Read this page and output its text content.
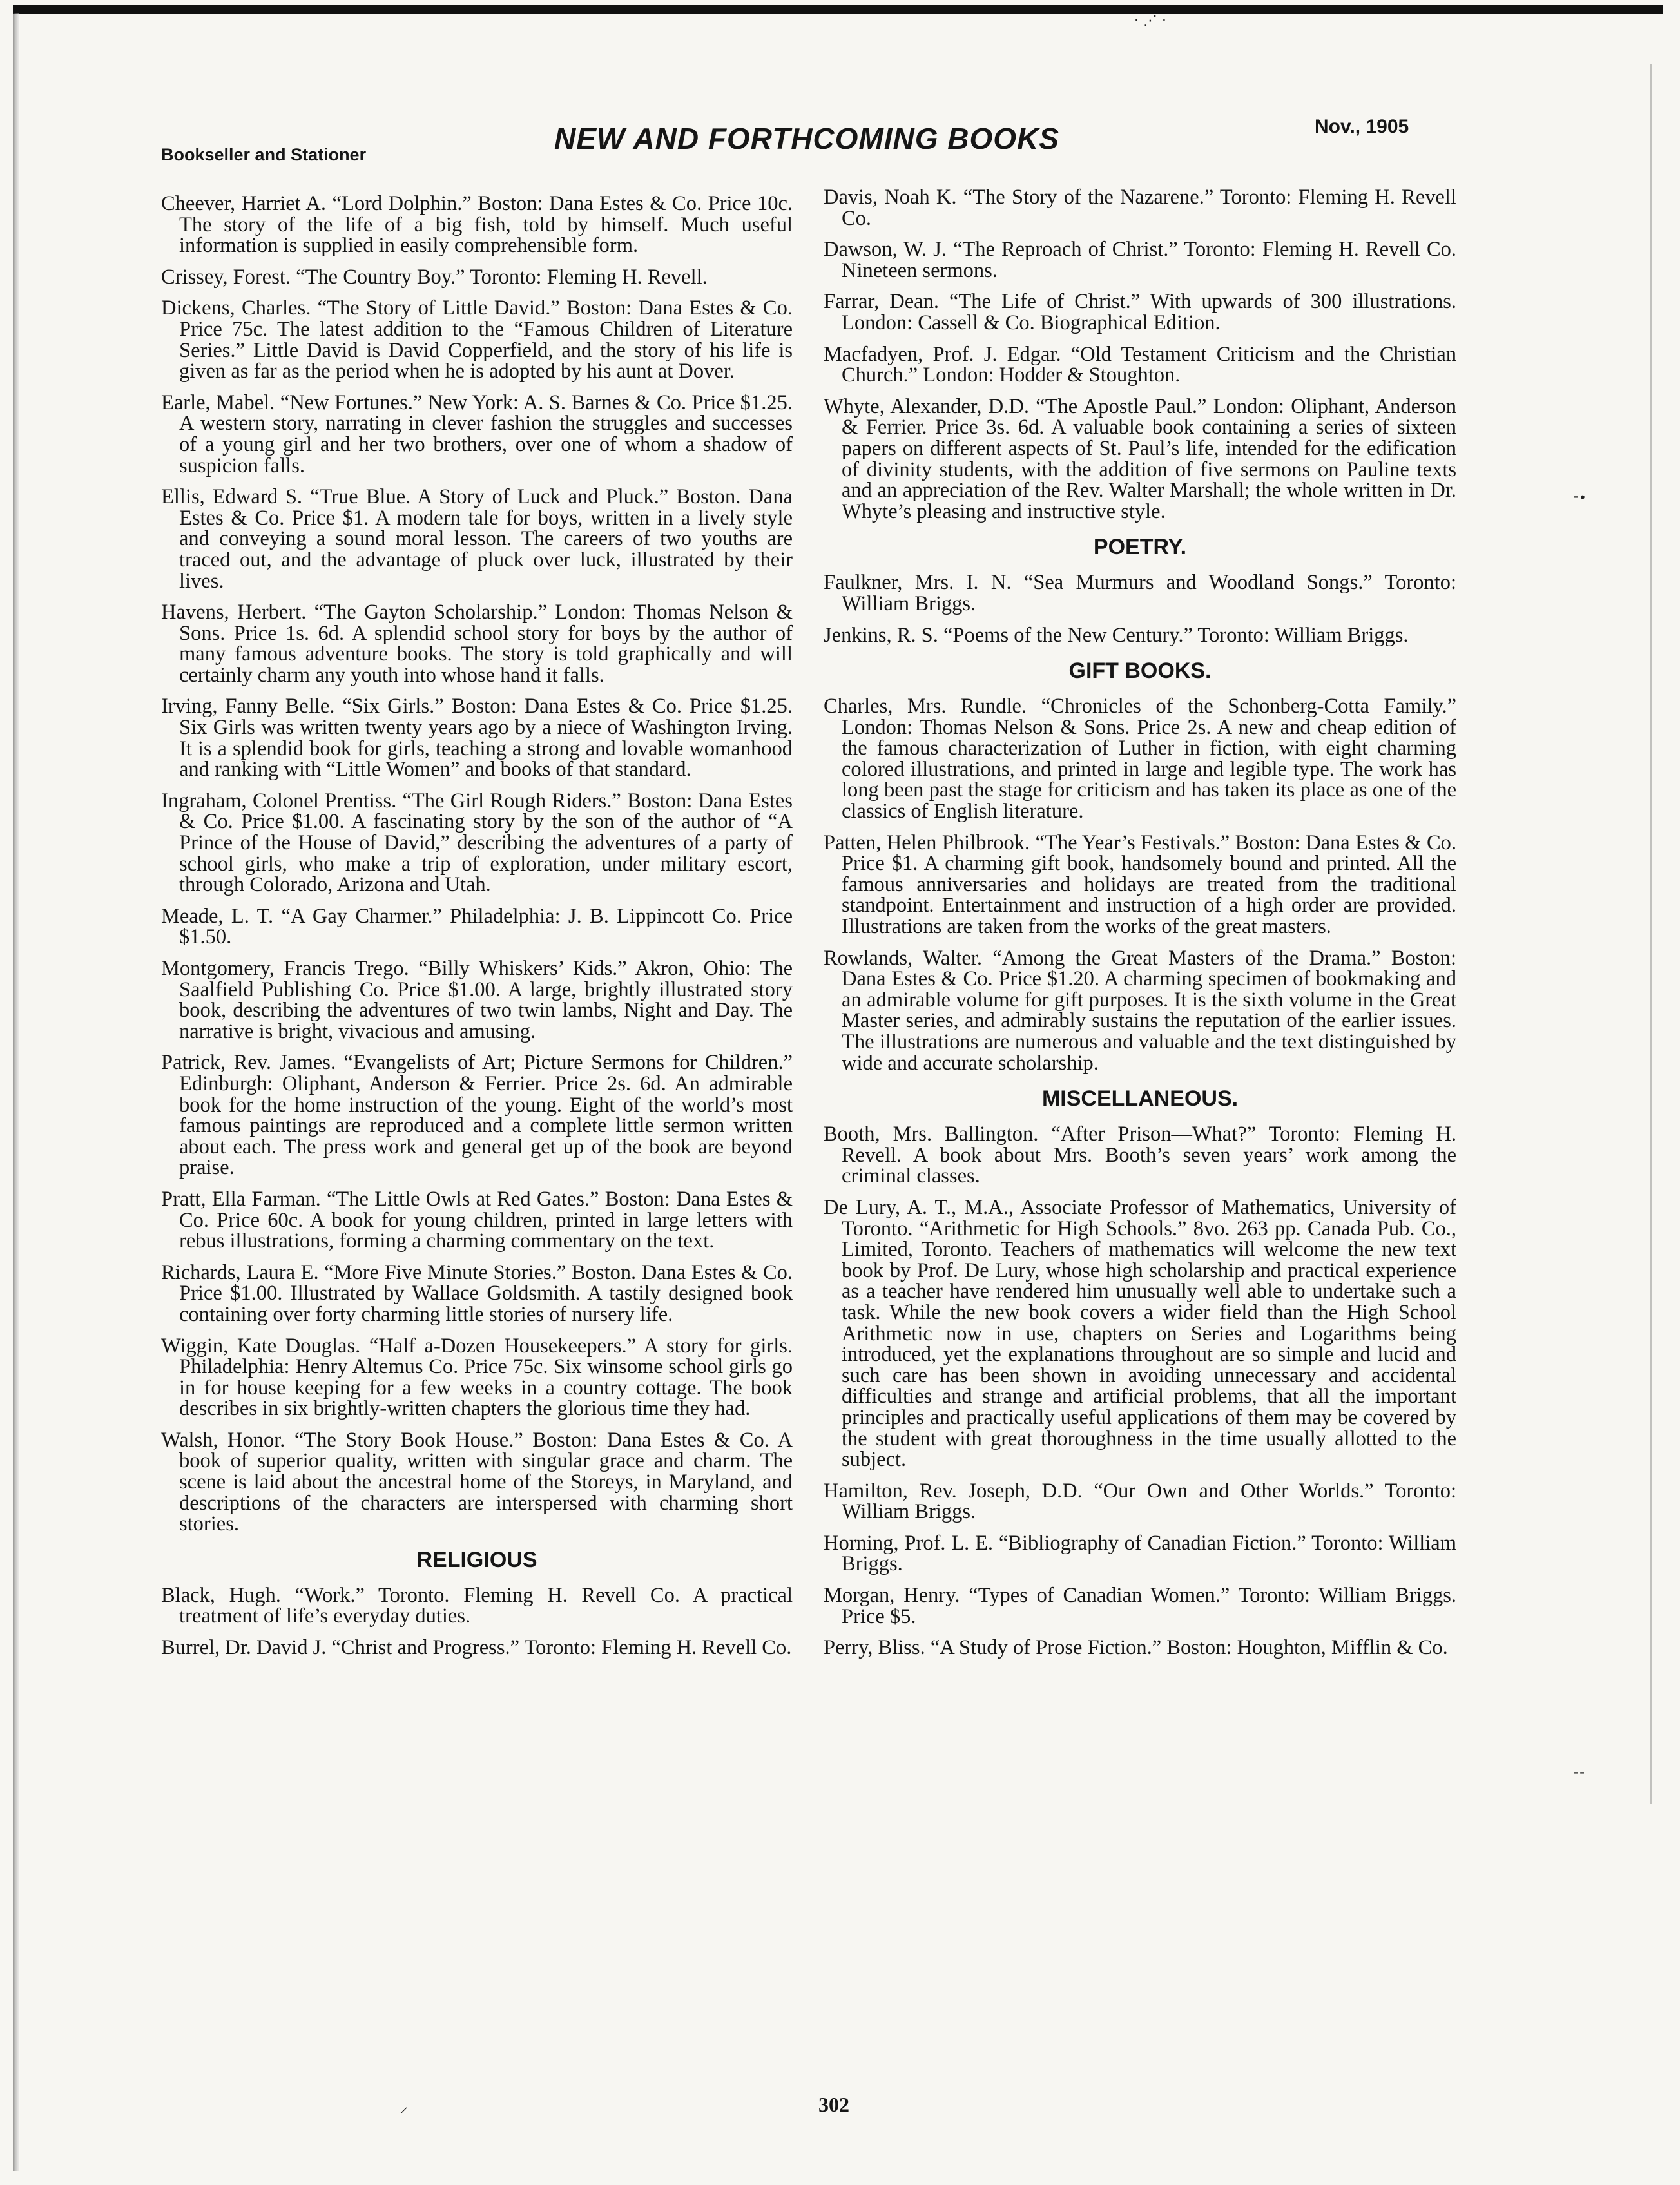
Bookseller and Stationer	NEW AND FORTHCOMING BOOKS	Nov., 1905
Cheever, Harriet A. “Lord Dolphin.” Boston: Dana Estes & Co. Price 10c. The story of the life of a big fish, told by himself. Much useful information is supplied in easily comprehensible form.
Crissey, Forest. “The Country Boy.” Toronto: Fleming H. Revell.
Dickens, Charles. “The Story of Little David.” Boston: Dana Estes & Co. Price 75c. The latest addition to the “Famous Children of Literature Series.” Little David is David Copperfield, and the story of his life is given as far as the period when he is adopted by his aunt at Dover.
Earle, Mabel. “New Fortunes.” New York: A. S. Barnes & Co. Price $1.25. A western story, narrating in clever fashion the struggles and successes of a young girl and her two brothers, over one of whom a shadow of suspicion falls.
Ellis, Edward S. “True Blue. A Story of Luck and Pluck.” Boston. Dana Estes & Co. Price $1. A modern tale for boys, written in a lively style and conveying a sound moral lesson. The careers of two youths are traced out, and the advantage of pluck over luck, illustrated by their lives.
Havens, Herbert. “The Gayton Scholarship.” London: Thomas Nelson & Sons. Price 1s. 6d. A splendid school story for boys by the author of many famous adventure books. The story is told graphically and will certainly charm any youth into whose hand it falls.
Irving, Fanny Belle. “Six Girls.” Boston: Dana Estes & Co. Price $1.25. Six Girls was written twenty years ago by a niece of Washington Irving. It is a splendid book for girls, teaching a strong and lovable womanhood and ranking with “Little Women” and books of that standard.
Ingraham, Colonel Prentiss. “The Girl Rough Riders.” Boston: Dana Estes & Co. Price $1.00. A fascinating story by the son of the author of “A Prince of the House of David,” describing the adventures of a party of school girls, who make a trip of exploration, under military escort, through Colorado, Arizona and Utah.
Meade, L. T. “A Gay Charmer.” Philadelphia: J. B. Lippincott Co. Price $1.50.
Montgomery, Francis Trego. “Billy Whiskers’ Kids.” Akron, Ohio: The Saalfield Publishing Co. Price $1.00. A large, brightly illustrated story book, describing the adventures of two twin lambs, Night and Day. The narrative is bright, vivacious and amusing.
Patrick, Rev. James. “Evangelists of Art; Picture Sermons for Children.” Edinburgh: Oliphant, Anderson & Ferrier. Price 2s. 6d. An admirable book for the home instruction of the young. Eight of the world’s most famous paintings are reproduced and a complete little sermon written about each. The press work and general get up of the book are beyond praise.
Pratt, Ella Farman. “The Little Owls at Red Gates.” Boston: Dana Estes & Co. Price 60c. A book for young children, printed in large letters with rebus illustrations, forming a charming commentary on the text.
Richards, Laura E. “More Five Minute Stories.” Boston. Dana Estes & Co. Price $1.00. Illustrated by Wallace Goldsmith. A tastily designed book containing over forty charming little stories of nursery life.
Wiggin, Kate Douglas. “Half a-Dozen Housekeepers.” A story for girls. Philadelphia: Henry Altemus Co. Price 75c. Six winsome school girls go in for house keeping for a few weeks in a country cottage. The book describes in six brightly-written chapters the glorious time they had.
Walsh, Honor. “The Story Book House.” Boston: Dana Estes & Co. A book of superior quality, written with singular grace and charm. The scene is laid about the ancestral home of the Storeys, in Maryland, and descriptions of the characters are interspersed with charming short stories.
RELIGIOUS
Black, Hugh. “Work.” Toronto. Fleming H. Revell Co. A practical treatment of life’s everyday duties.
Burrel, Dr. David J. “Christ and Progress.” Toronto: Fleming H. Revell Co.
Davis, Noah K. “The Story of the Nazarene.” Toronto: Fleming H. Revell Co.
Dawson, W. J. “The Reproach of Christ.” Toronto: Fleming H. Revell Co. Nineteen sermons.
Farrar, Dean. “The Life of Christ.” With upwards of 300 illustrations. London: Cassell & Co. Biographical Edition.
Macfadyen, Prof. J. Edgar. “Old Testament Criticism and the Christian Church.” London: Hodder & Stoughton.
Whyte, Alexander, D.D. “The Apostle Paul.” London: Oliphant, Anderson & Ferrier. Price 3s. 6d. A valuable book containing a series of sixteen papers on different aspects of St. Paul’s life, intended for the edification of divinity students, with the addition of five sermons on Pauline texts and an appreciation of the Rev. Walter Marshall; the whole written in Dr. Whyte’s pleasing and instructive style.
POETRY.
Faulkner, Mrs. I. N. “Sea Murmurs and Woodland Songs.” Toronto: William Briggs.
Jenkins, R. S. “Poems of the New Century.” Toronto: William Briggs.
GIFT BOOKS.
Charles, Mrs. Rundle. “Chronicles of the Schonberg-Cotta Family.” London: Thomas Nelson & Sons. Price 2s. A new and cheap edition of the famous characterization of Luther in fiction, with eight charming colored illustrations, and printed in large and legible type. The work has long been past the stage for criticism and has taken its place as one of the classics of English literature.
Patten, Helen Philbrook. “The Year’s Festivals.” Boston: Dana Estes & Co. Price $1. A charming gift book, handsomely bound and printed. All the famous anniversaries and holidays are treated from the traditional standpoint. Entertainment and instruction of a high order are provided. Illustrations are taken from the works of the great masters.
Rowlands, Walter. “Among the Great Masters of the Drama.” Boston: Dana Estes & Co. Price $1.20. A charming specimen of bookmaking and an admirable volume for gift purposes. It is the sixth volume in the Great Master series, and admirably sustains the reputation of the earlier issues. The illustrations are numerous and valuable and the text distinguished by wide and accurate scholarship.
MISCELLANEOUS.
Booth, Mrs. Ballington. “After Prison—What?” Toronto: Fleming H. Revell. A book about Mrs. Booth’s seven years’ work among the criminal classes.
De Lury, A. T., M.A., Associate Professor of Mathematics, University of Toronto. “Arithmetic for High Schools.” 8vo. 263 pp. Canada Pub. Co., Limited, Toronto. Teachers of mathematics will welcome the new text book by Prof. De Lury, whose high scholarship and practical experience as a teacher have rendered him unusually well able to undertake such a task. While the new book covers a wider field than the High School Arithmetic now in use, chapters on Series and Logarithms being introduced, yet the explanations throughout are so simple and lucid and such care has been shown in avoiding unnecessary and accidental difficulties and strange and artificial problems, that all the important principles and practically useful applications of them may be covered by the student with great thoroughness in the time usually allotted to the subject.
Hamilton, Rev. Joseph, D.D. “Our Own and Other Worlds.” Toronto: William Briggs.
Horning, Prof. L. E. “Bibliography of Canadian Fiction.” Toronto: William Briggs.
Morgan, Henry. “Types of Canadian Women.” Toronto: William Briggs. Price $5.
Perry, Bliss. “A Study of Prose Fiction.” Boston: Houghton, Mifflin & Co.
302
⋅ ⋰ ⋅
⁃•
⁃⁃
⸝
